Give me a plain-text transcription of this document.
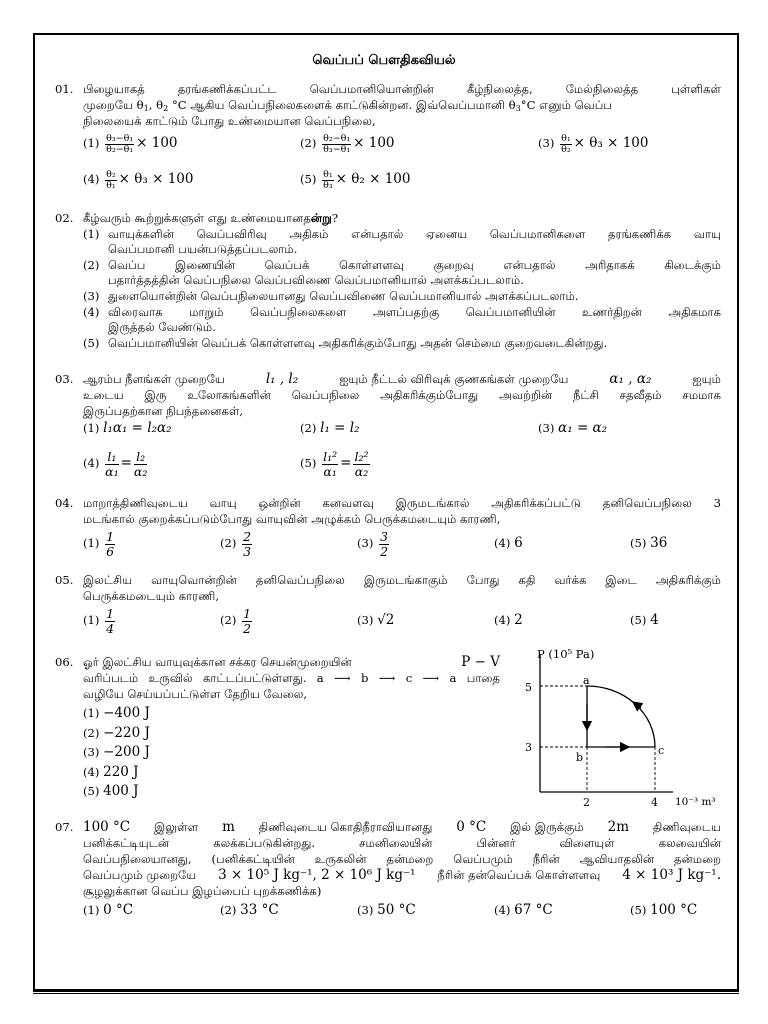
வெப்பப் பௌதிகவியல்
01. பிழையாகத் தரங்கணிக்கப்பட்ட வெப்பமானியொன்றின் கீழ்நிலைத்த, மேல்நிலைத்த புள்ளிகள்
முறையே $\theta_1$, $\theta_2$ °C ஆகிய வெப்பநிலைகளைக் காட்டுகின்றன. இவ்வெப்பமானி $\theta_3^\circ C$ எனும் வெப்ப
நிலையைக் காட்டும் போது உண்மையான வெப்பநிலை,
$(1) \frac{\text{θ₃−θ₁}}{\text{θ₂−θ₁}} \times 100$	$(2) \frac{\text{θ₂−θ₁}}{\text{θ₃−θ₁}} \times 100$	$(3) \frac{\text{θ₁}}{\text{θ₂}} \times \theta_3 \times 100$
$(4) \frac{\text{θ₂}}{\text{θ₁}} \times \theta_3 \times 100$	$(5) \frac{\text{θ₁}}{\text{θ₃}} \times \theta_2 \times 100$
02. கீழ்வரும் கூற்றுக்களுள் எது உண்மையானதன்று?
(1) வாயுக்களின் வெப்பவிரிவு அதிகம் என்பதால் ஏனைய வெப்பமானிகளை தரங்கணிக்க வாயு
வெப்பமானி பயன்படுத்தப்படலாம்.
(2) வெப்ப இணையின் வெப்பக் கொள்ளளவு குறைவு என்பதால் அரிதாகக் கிடைக்கும்
பதார்த்தத்தின் வெப்பநிலை வெப்பவிணை வெப்பமானியால் அளக்கப்படலாம்.
(3) துளையொன்றின் வெப்பநிலையானது வெப்பவிணை வெப்பமானியால் அளக்கப்படலாம்.
(4) விரைவாக மாறும் வெப்பநிலைகளை அளப்பதற்கு வெப்பமானியின் உணர்திறன் அதிகமாக
இருத்தல் வேண்டும்.
(5) வெப்பமானியின் வெப்பக் கொள்ளளவு அதிகரிக்கும்போது அதன் செம்மை குறைவடைகின்றது.
03. ஆரம்ப நீளங்கள் முறையே	l₁ , l₂	ஐயும் நீட்டல் விரிவுக் குணகங்கள் முறையே	α₁ , α₂	ஐயும்
உடைய இரு உலோகங்களின் வெப்பநிலை அதிகரிக்கும்போது அவற்றின் நீட்சி சதவீதம் சமமாக
இருப்பதற்கான நிபந்தனைகள்,
(1) l₁α₁ = l₂α₂	(2) l₁ = l₂	(3) α₁ = α₂
$(4) \frac{\text{l₁}}{\text{α₁}} = \frac{\text{l₂}}{\text{α₂}}$	$(5) \frac{\text{l₁²}}{\text{α₁}} = \frac{\text{l₂²}}{\text{α₂}}$
04. மாறாத்திணிவுடைய வாயு ஒன்றின் கனவளவு இருமடங்கால் அதிகரிக்கப்பட்டு தனிவெப்பநிலை 3
மடங்கால் குறைக்கப்படும்போது வாயுவின் அழுக்கம் பெருக்கமடையும் காரணி,
$(1) \frac{1}{6}$	$(2) \frac{2}{3}$	$(3) \frac{3}{2}$	(4) 6	(5) 36
05. இலட்சிய வாயுவொன்றின் தனிவெப்பநிலை இருமடங்காகும் போது கதி வர்க்க இடை அதிகரிக்கும்
பெருக்கமடையும் காரணி,
$(1) \frac{1}{4}$	$(2) \frac{1}{2}$	(3) √2	(4) 2	(5) 4
06. ஓர் இலட்சிய வாயுவுக்கான சக்கர செயன்முறையின்	P − V
வரிப்படம் உருவில் காட்டப்பட்டுள்ளது. a ⟶ b ⟶ c ⟶ a பாதை
வழியே செய்யப்பட்டுள்ள தேறிய வேலை,
(1) −400 J
(2) −220 J
(3) −200 J
(4) 220 J
(5) 400 J
P (10⁵ Pa)
10⁻³ m³
5
3
2	4
a
b
c
07. 100 °C இலுள்ள m திணிவுடைய கொதிநீராவியானது 0 °C இல் இருக்கும் 2m திணிவுடைய
பனிக்கட்டியுடன் கலக்கப்படுகின்றது. சமனிலையின் பின்னர் விளையுள் கலவையின்
வெப்பநிலையானது, (பனிக்கட்டியின் உருகலின் தன்மறை வெப்பமும் நீரின் ஆவியாதலின் தன்மறை
வெப்பமும் முறையே 3 × 10⁵ J kg⁻¹, 2 × 10⁶ J kg⁻¹ நீரின் தன்வெப்பக் கொள்ளளவு 4 × 10³ J kg⁻¹.
சூழலுக்கான வெப்ப இழப்பைப் புறக்கணிக்க)
(1) 0 °C	(2) 33 °C	(3) 50 °C	(4) 67 °C	(5) 100 °C
